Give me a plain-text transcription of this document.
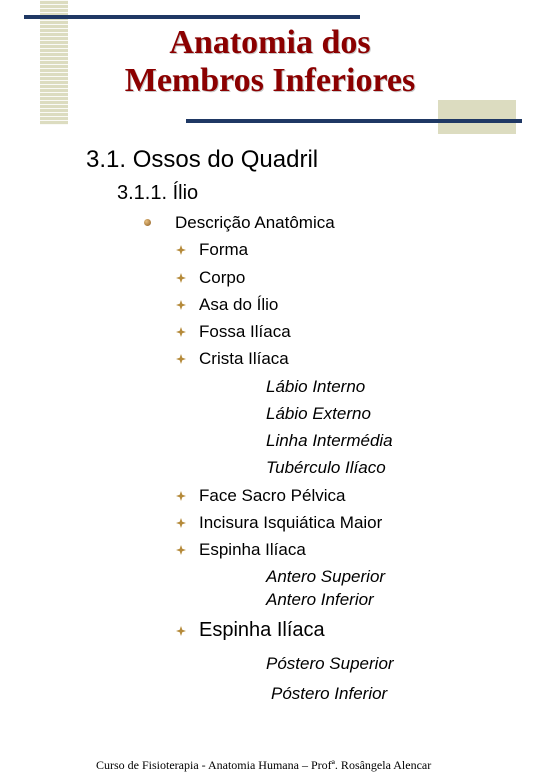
Anatomia dos
Membros Inferiores
3.1. Ossos do Quadril
3.1.1. Ílio
Descrição Anatômica
Forma
Corpo
Asa do Ílio
Fossa Ilíaca
Crista Ilíaca
Lábio Interno
Lábio Externo
Linha Intermédia
Tubérculo Ilíaco
Face Sacro Pélvica
Incisura Isquiática Maior
Espinha Ilíaca
Antero Superior
Antero Inferior
Espinha Ilíaca
Póstero Superior
Póstero Inferior
Curso de Fisioterapia - Anatomia Humana – Profª. Rosângela Alencar
